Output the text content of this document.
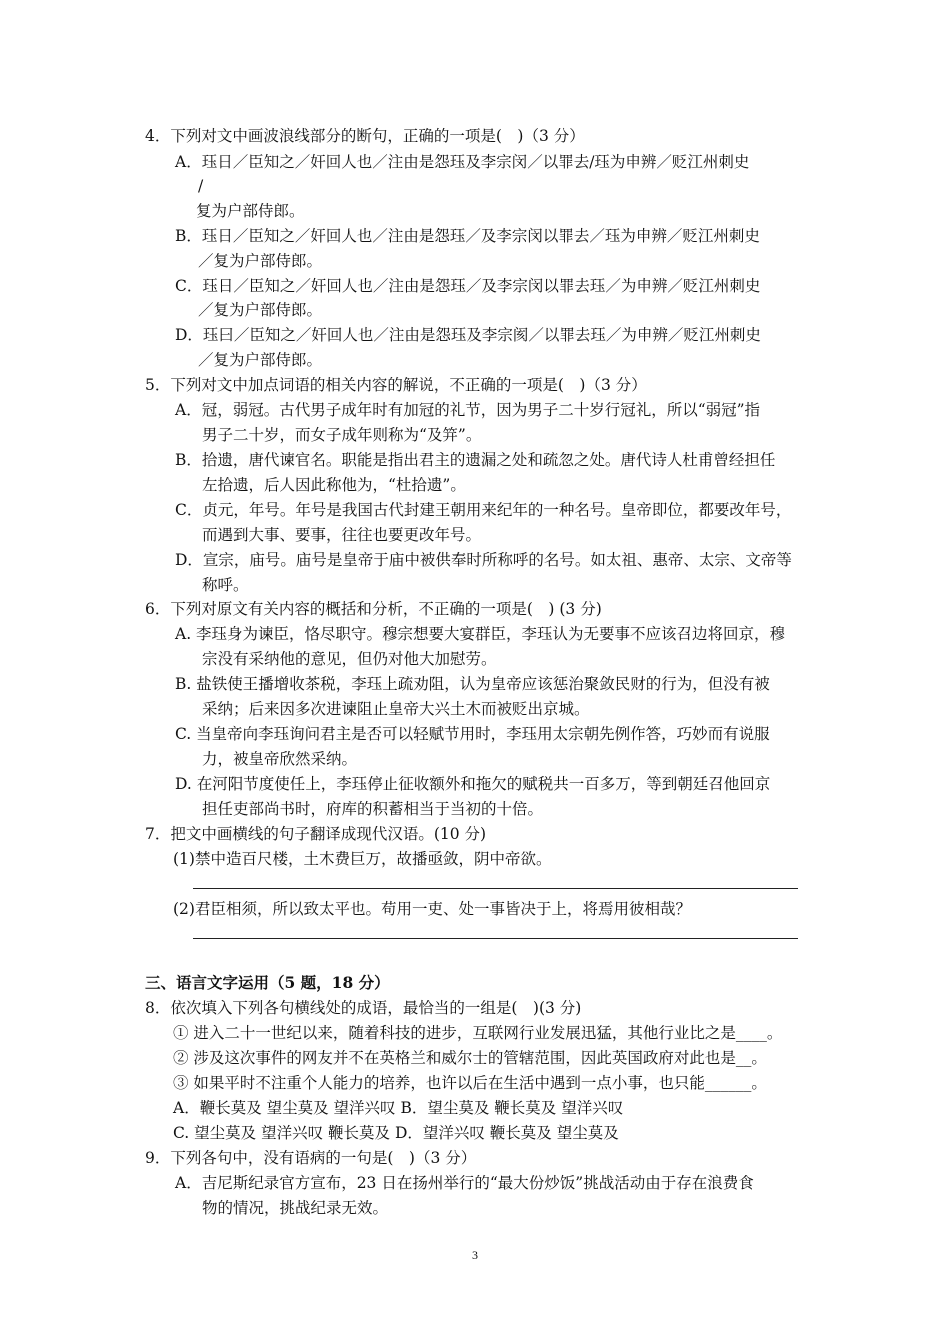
4．下列对文中画波浪线部分的断句，正确的一项是(　)（3 分）
A．珏日／臣知之／奸回人也／注由是怨珏及李宗闵／以罪去/珏为申辨／贬江州刺史
/
复为户部侍郎。
B．珏日／臣知之／奸回人也／注由是怨珏／及李宗闵以罪去／珏为申辨／贬江州刺史
／复为户部侍郎。
C．珏日／臣知之／奸回人也／注由是怨珏／及李宗闵以罪去珏／为申辨／贬江州刺史
／复为户部侍郎。
D．珏曰／臣知之／奸回人也／注由是怨珏及李宗阂／以罪去珏／为申辨／贬江州刺史
／复为户部侍郎。
5．下列对文中加点词语的相关内容的解说，不正确的一项是(　)（3 分）
A．冠，弱冠。古代男子成年时有加冠的礼节，因为男子二十岁行冠礼，所以“弱冠”指
男子二十岁，而女子成年则称为“及笄”。
B．拾遗，唐代谏官名。职能是指出君主的遗漏之处和疏忽之处。唐代诗人杜甫曾经担任
左拾遗，后人因此称他为，“杜拾遗”。
C．贞元，年号。年号是我国古代封建王朝用来纪年的一种名号。皇帝即位，都要改年号，
而遇到大事、要事，往往也要更改年号。
D．宣宗，庙号。庙号是皇帝于庙中被供奉时所称呼的名号。如太祖、惠帝、太宗、文帝等
称呼。
6．下列对原文有关内容的概括和分析，不正确的一项是(　) (3 分)
A. 李珏身为谏臣，恪尽职守。穆宗想要大宴群臣，李珏认为无要事不应该召边将回京，穆
宗没有采纳他的意见，但仍对他大加慰劳。
B. 盐铁使王播增收茶税，李珏上疏劝阻，认为皇帝应该惩治聚敛民财的行为，但没有被
采纳；后来因多次进谏阻止皇帝大兴土木而被贬出京城。
C. 当皇帝向李珏询问君主是否可以轻赋节用时，李珏用太宗朝先例作答，巧妙而有说服
力，被皇帝欣然采纳。
D. 在河阳节度使任上，李珏停止征收额外和拖欠的赋税共一百多万，等到朝廷召他回京
担任吏部尚书时，府库的积蓄相当于当初的十倍。
7．把文中画横线的句子翻译成现代汉语。(10 分)
(1)禁中造百尺楼，土木费巨万，故播亟敛，阴中帝欲。
(2)君臣相须，所以致太平也。苟用一吏、处一事皆决于上，将焉用彼相哉？
三、语言文字运用（5 题，18 分）
8．依次填入下列各句横线处的成语，最恰当的一组是(　)(3 分)
① 进入二十一世纪以来，随着科技的进步，互联网行业发展迅猛，其他行业比之是____。
② 涉及这次事件的网友并不在英格兰和威尔士的管辖范围，因此英国政府对此也是__。
③ 如果平时不注重个人能力的培养，也许以后在生活中遇到一点小事，也只能______。
A．鞭长莫及 望尘莫及 望洋兴叹 B．望尘莫及 鞭长莫及 望洋兴叹
C. 望尘莫及 望洋兴叹 鞭长莫及 D．望洋兴叹 鞭长莫及 望尘莫及
9．下列各句中，没有语病的一句是(　)（3 分）
A．吉尼斯纪录官方宣布，23 日在扬州举行的“最大份炒饭”挑战活动由于存在浪费食
物的情况，挑战纪录无效。
3
